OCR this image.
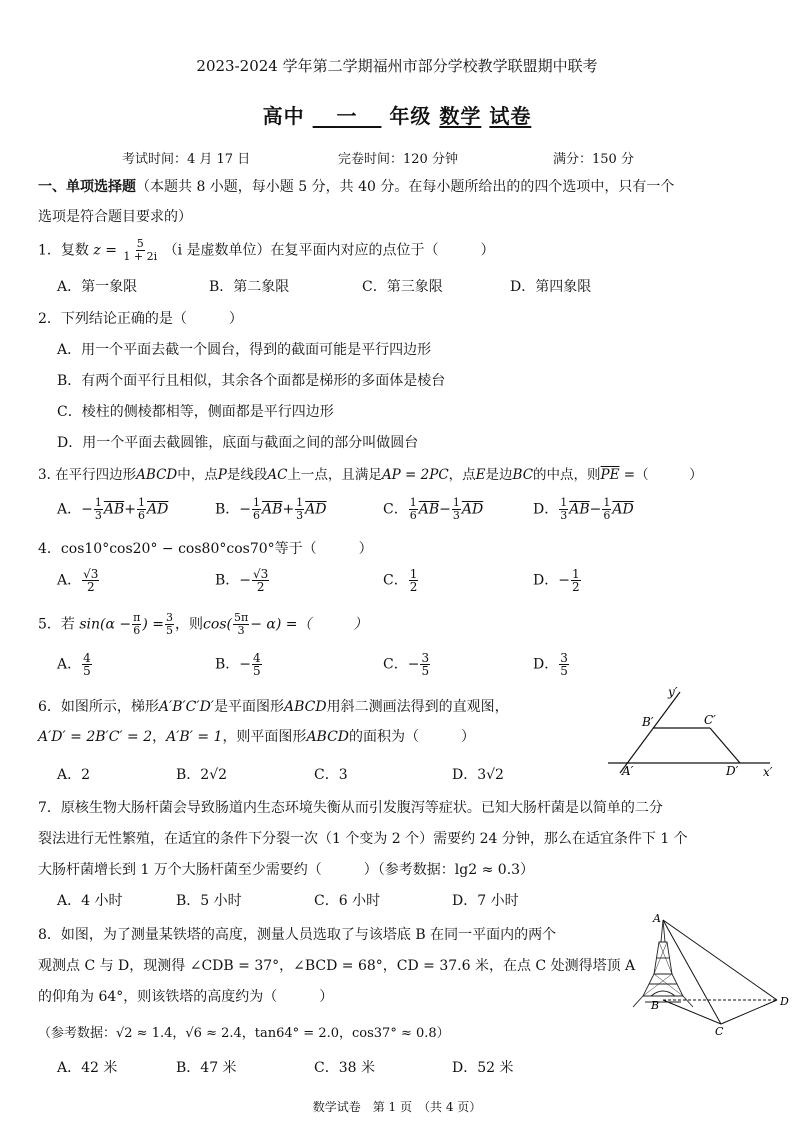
2023-2024 学年第二学期福州市部分学校教学联盟期中联考
高中 一 年级 数学 试卷
考试时间：4 月 17 日	完卷时间：120 分钟	满分：150 分
一、单项选择题（本题共 8 小题，每小题 5 分，共 40 分。在每小题所给出的的四个选项中，只有一个
选项是符合题目要求的）
1．复数 $z = \frac{5}{1 + 2i} (i$ 是虚数单位）在复平面内对应的点位于（　　　）
A．第一象限	B．第二象限	C．第三象限	D．第四象限
2．下列结论正确的是（　　　）
A．用一个平面去截一个圆台，得到的截面可能是平行四边形
B．有两个面平行且相似，其余各个面都是梯形的多面体是棱台
C．棱柱的侧棱都相等，侧面都是平行四边形
D．用一个平面去截圆锥，底面与截面之间的部分叫做圆台
3. 在平行四边形ABCD中，点P是线段AC上一点，且满足AP = 2PC，点E是边BC的中点，则$\overline{PE}$ =（　　　）
A．− $\frac{1}{3} \overline{AB}+ \frac{1}{6} \overline{AD}$	B．− $\frac{1}{6} \overline{AB}+ \frac{1}{3} \overline{AD}$	C． $\frac{1}{6} \overline{AB}- \frac{1}{3} \overline{AD}$	D． $\frac{1}{3} \overline{AB}- \frac{1}{6} \overline{AD}$
4．cos10°cos20° − cos80°cos70°等于（　　　）
A． $\frac{√3}{2}$	B．− $\frac{√3}{2}$	C． $\frac{1}{2}$	D．− $\frac{1}{2}$
5．若 $\sin(\alpha - \frac{\pi}{6}$ ) = $\frac{3}{5}$ ，则$\cos( \frac{5\pi}{3} - \alpha)$ =（　　　）
A． $\frac{4}{5}$	B．− $\frac{4}{5}$	C．− $\frac{3}{5}$	D． $\frac{3}{5}$
6．如图所示，梯形A′B′C′D′是平面图形ABCD用斜二测画法得到的直观图，
A′D′ = 2B′C′ = 2，A′B′ = 1，则平面图形ABCD的面积为（　　　）
A．2	B．2√2	C．3	D．3√2
y′
x′
A′
B′	C′
D′
7．原核生物大肠杆菌会导致肠道内生态环境失衡从而引发腹泻等症状。已知大肠杆菌是以简单的二分
裂法进行无性繁殖，在适宜的条件下分裂一次（1 个变为 2 个）需要约 24 分钟，那么在适宜条件下 1 个
大肠杆菌增长到 1 万个大肠杆菌至少需要约（　　　）（参考数据：lg2 ≈ 0.3）
A．4 小时	B．5 小时	C．6 小时	D．7 小时
8．如图，为了测量某铁塔的高度，测量人员选取了与该塔底 B 在同一平面内的两个
观测点 C 与 D，现测得 ∠CDB = 37°，∠BCD = 68°，CD = 37.6 米，在点 C 处测得塔顶 A
的仰角为 64°，则该铁塔的高度约为（　　　）
（参考数据：√2 ≈ 1.4，√6 ≈ 2.4，tan64° = 2.0，cos37° ≈ 0.8）
A．42 米	B．47 米	C．38 米	D．52 米
A
B
C
D
数学试卷　第 1 页　（共 4 页）
